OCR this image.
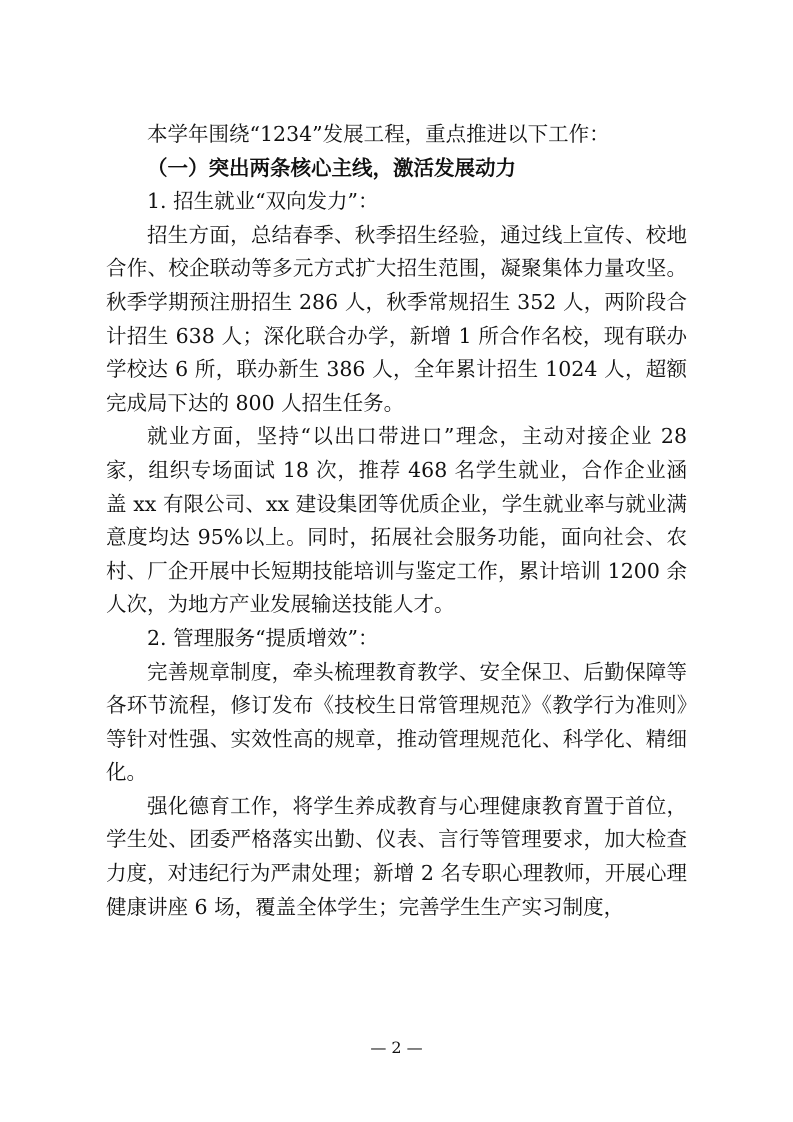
本学年围绕“1234”发展工程，重点推进以下工作：

（一）突出两条核心主线，激活发展动力

1. 招生就业“双向发力”：

招生方面，总结春季、秋季招生经验，通过线上宣传、校地合作、校企联动等多元方式扩大招生范围，凝聚集体力量攻坚。秋季学期预注册招生 286 人，秋季常规招生 352 人，两阶段合计招生 638 人；深化联合办学，新增 1 所合作名校，现有联办学校达 6 所，联办新生 386 人，全年累计招生 1024 人，超额完成局下达的 800 人招生任务。

就业方面，坚持“以出口带进口”理念，主动对接企业 28 家，组织专场面试 18 次，推荐 468 名学生就业，合作企业涵盖 xx 有限公司、xx 建设集团等优质企业，学生就业率与就业满意度均达 95%以上。同时，拓展社会服务功能，面向社会、农村、厂企开展中长短期技能培训与鉴定工作，累计培训 1200 余人次，为地方产业发展输送技能人才。

2. 管理服务“提质增效”：

完善规章制度，牵头梳理教育教学、安全保卫、后勤保障等各环节流程，修订发布《技校生日常管理规范》《教学行为准则》等针对性强、实效性高的规章，推动管理规范化、科学化、精细化。

强化德育工作，将学生养成教育与心理健康教育置于首位，学生处、团委严格落实出勤、仪表、言行等管理要求，加大检查力度，对违纪行为严肃处理；新增 2 名专职心理教师，开展心理健康讲座 6 场，覆盖全体学生；完善学生生产实习制度，

— 2 —
